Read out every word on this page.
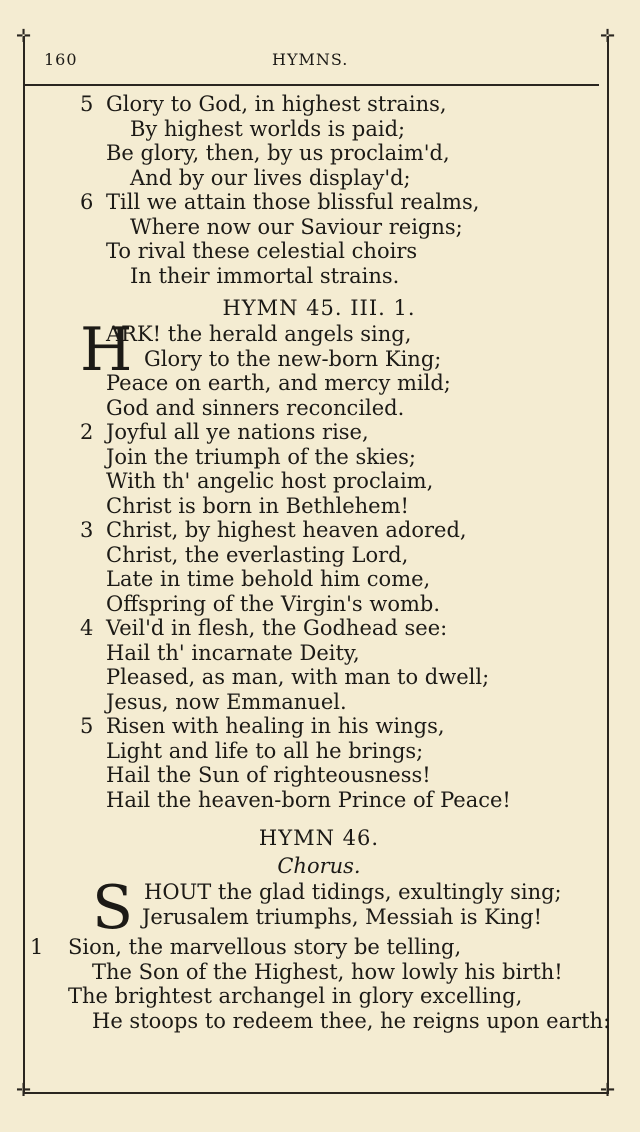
✛	✛
✛	✛
160	HYMNS.
5 Glory to God, in highest strains,
By highest worlds is paid;
Be glory, then, by us proclaim'd,
And by our lives display'd;
6 Till we attain those blissful realms,
Where now our Saviour reigns;
To rival these celestial choirs
In their immortal strains.
HYMN 45. III. 1.
H
ARK! the herald angels sing,
Glory to the new-born King;
Peace on earth, and mercy mild;
God and sinners reconciled.
2 Joyful all ye nations rise,
Join the triumph of the skies;
With th' angelic host proclaim,
Christ is born in Bethlehem!
3 Christ, by highest heaven adored,
Christ, the everlasting Lord,
Late in time behold him come,
Offspring of the Virgin's womb.
4 Veil'd in flesh, the Godhead see:
Hail th' incarnate Deity,
Pleased, as man, with man to dwell;
Jesus, now Emmanuel.
5 Risen with healing in his wings,
Light and life to all he brings;
Hail the Sun of righteousness!
Hail the heaven-born Prince of Peace!
HYMN 46.
Chorus.
S HOUT the glad tidings, exultingly sing;
Jerusalem triumphs, Messiah is King!
1 Sion, the marvellous story be telling,
The Son of the Highest, how lowly his birth!
The brightest archangel in glory excelling,
He stoops to redeem thee, he reigns upon earth:
